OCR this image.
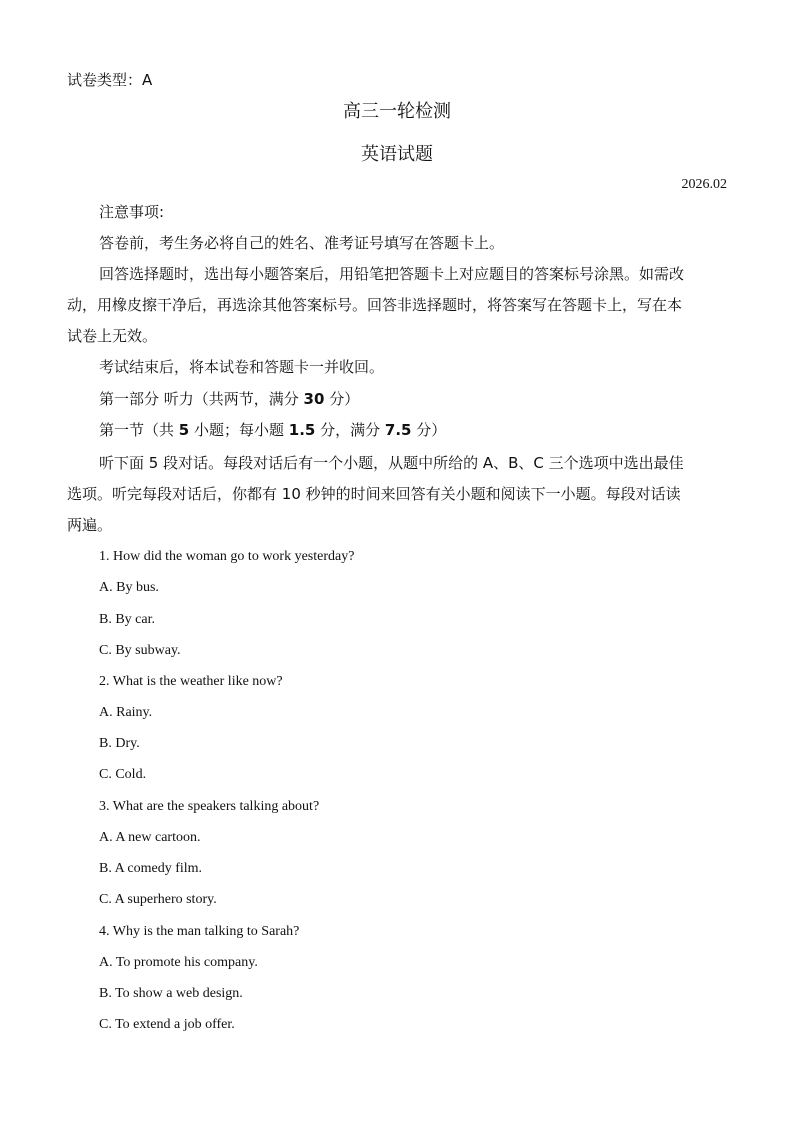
试卷类型：A
高三一轮检测
英语试题
2026.02
注意事项:
答卷前，考生务必将自己的姓名、准考证号填写在答题卡上。
回答选择题时，选出每小题答案后，用铅笔把答题卡上对应题目的答案标号涂黑。如需改
动，用橡皮擦干净后，再选涂其他答案标号。回答非选择题时，将答案写在答题卡上，写在本
试卷上无效。
考试结束后，将本试卷和答题卡一并收回。
第一部分 听力（共两节，满分 30 分）
第一节（共 5 小题；每小题 1.5 分，满分 7.5 分）
听下面 5 段对话。每段对话后有一个小题，从题中所给的 A、B、C 三个选项中选出最佳
选项。听完每段对话后，你都有 10 秒钟的时间来回答有关小题和阅读下一小题。每段对话读
两遍。
1. How did the woman go to work yesterday?
A. By bus.
B. By car.
C. By subway.
2. What is the weather like now?
A. Rainy.
B. Dry.
C. Cold.
3. What are the speakers talking about?
A. A new cartoon.
B. A comedy film.
C. A superhero story.
4. Why is the man talking to Sarah?
A. To promote his company.
B. To show a web design.
C. To extend a job offer.
